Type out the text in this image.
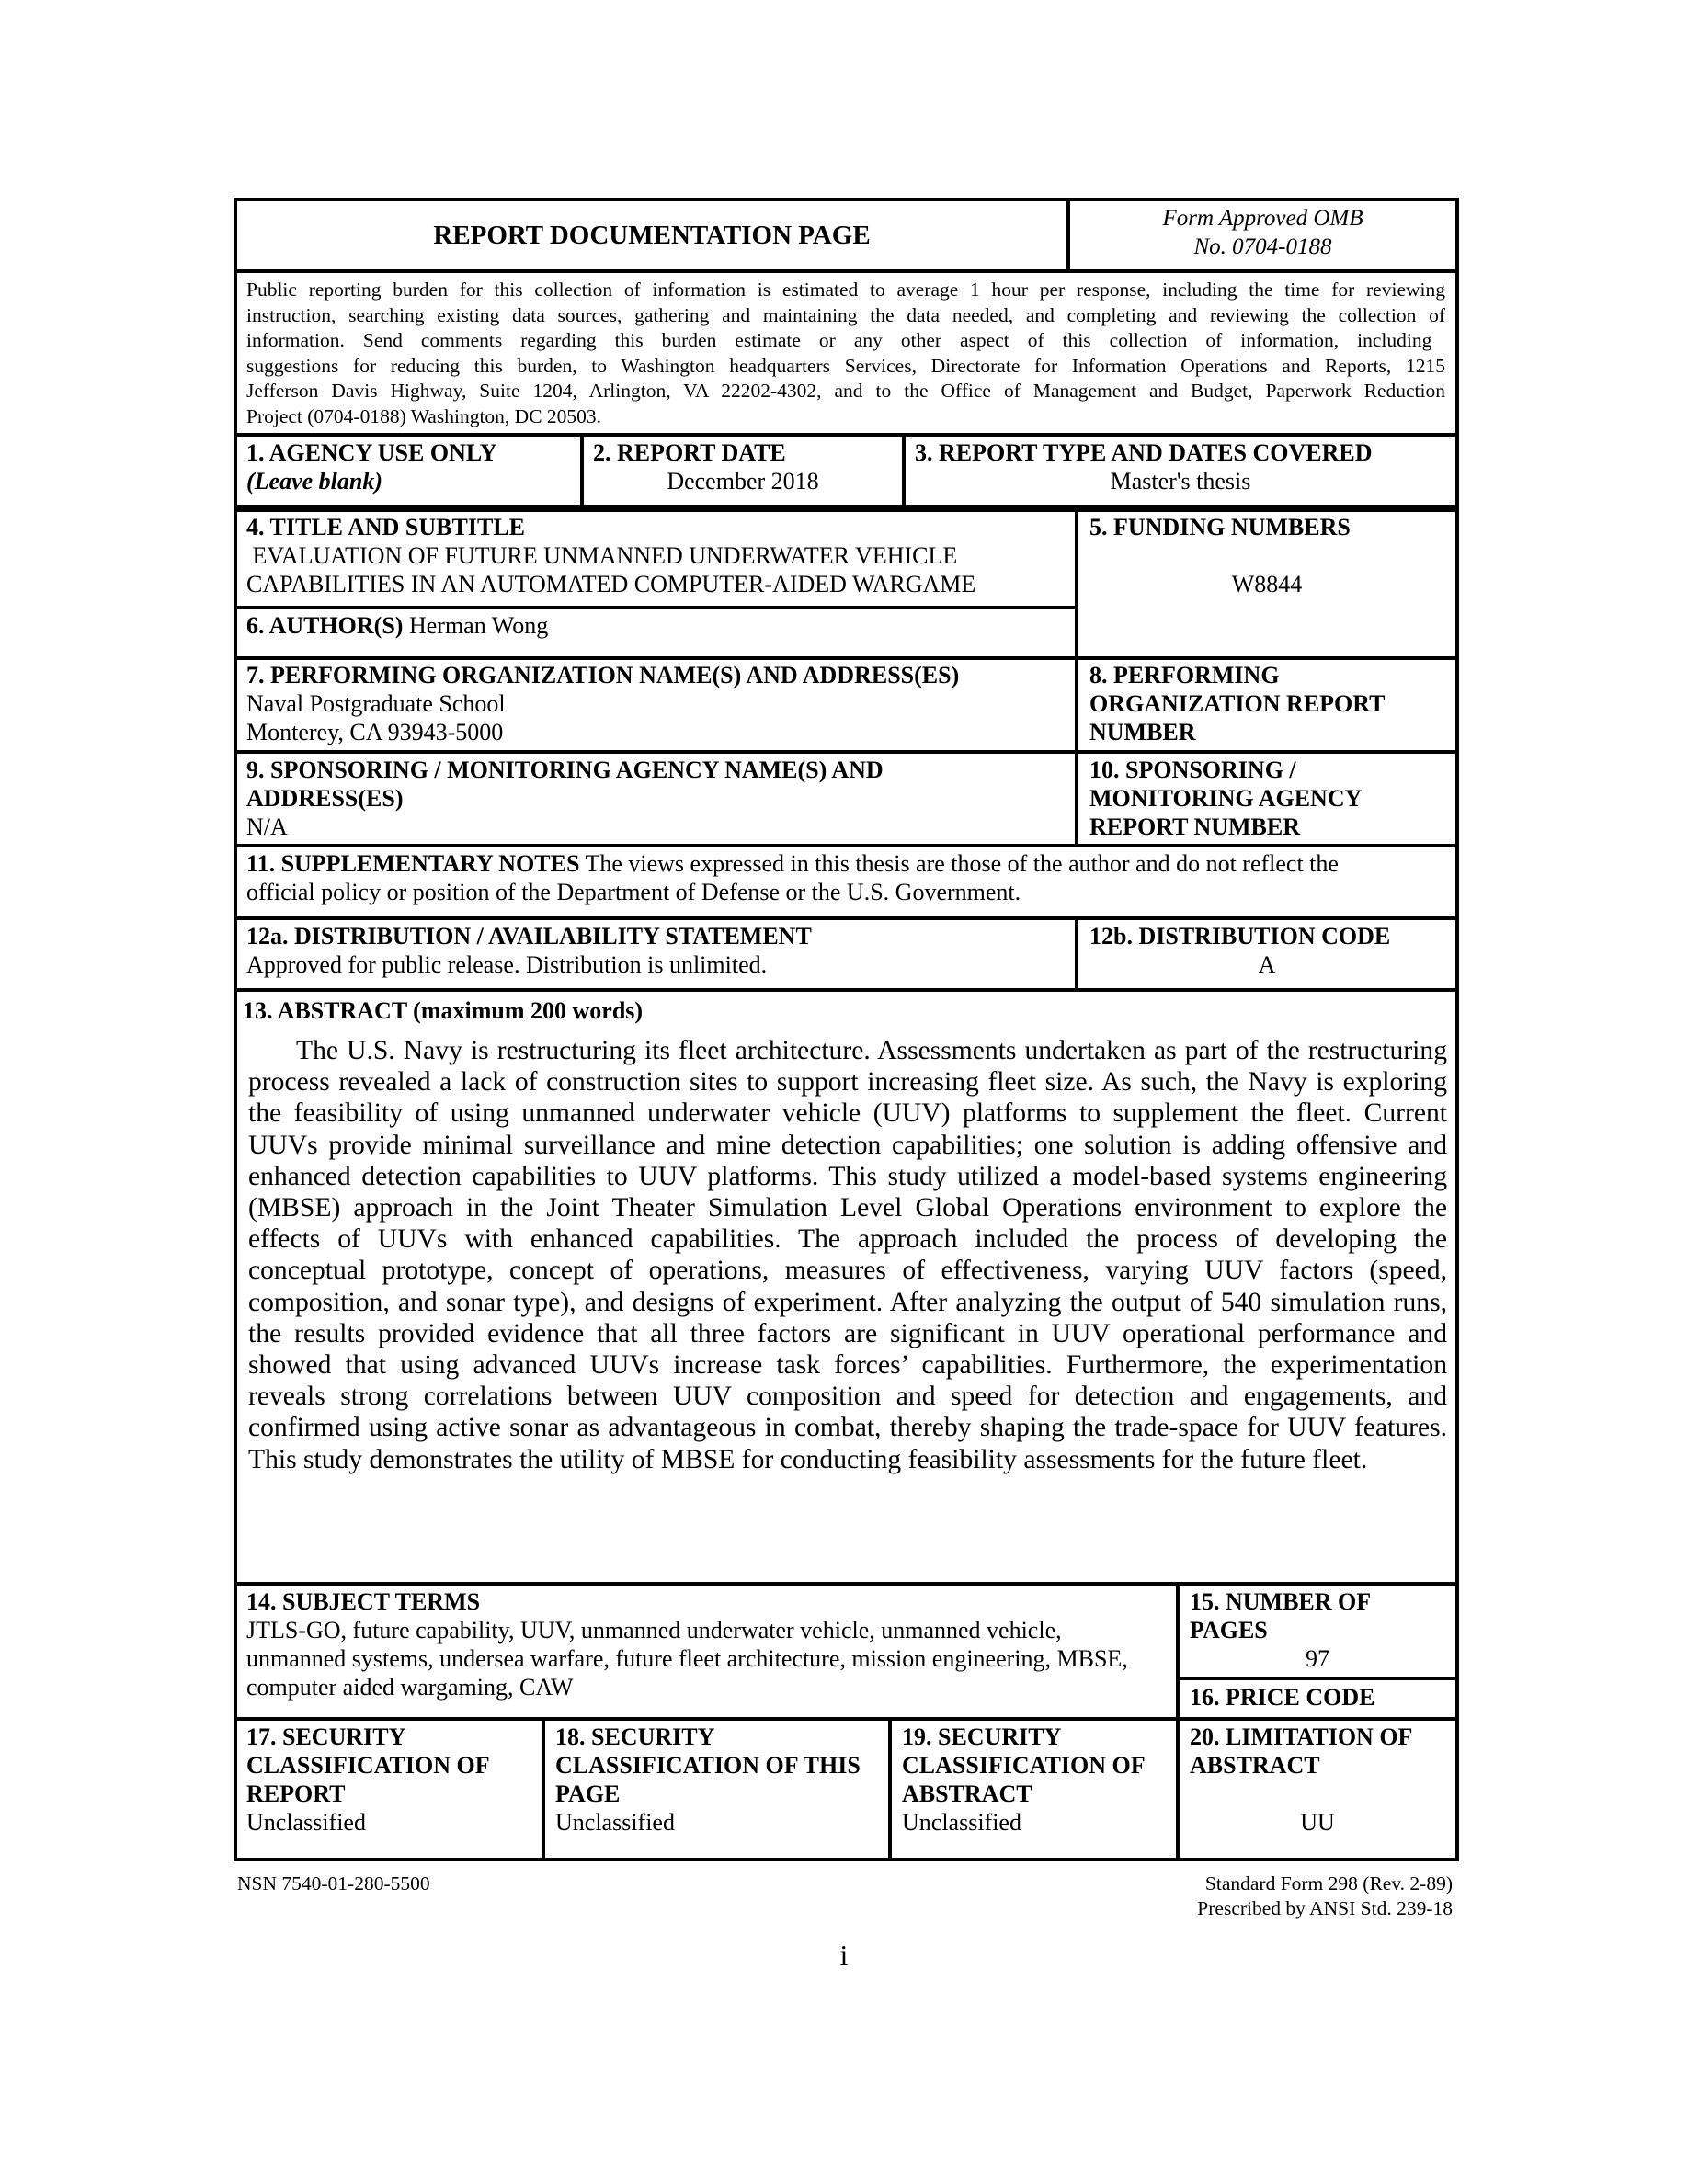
REPORT DOCUMENTATION PAGE
Form Approved OMB
No. 0704-0188
Public reporting burden for this collection of information is estimated to average 1 hour per response, including the time for reviewing
instruction, searching existing data sources, gathering and maintaining the data needed, and completing and reviewing the collection of
information. Send comments regarding this burden estimate or any other aspect of this collection of information, including
suggestions for reducing this burden, to Washington headquarters Services, Directorate for Information Operations and Reports, 1215
Jefferson Davis Highway, Suite 1204, Arlington, VA 22202-4302, and to the Office of Management and Budget, Paperwork Reduction
Project (0704-0188) Washington, DC 20503.
1. AGENCY USE ONLY
(Leave blank)
2. REPORT DATE
December 2018
3. REPORT TYPE AND DATES COVERED
Master's thesis
4. TITLE AND SUBTITLE
EVALUATION OF FUTURE UNMANNED UNDERWATER VEHICLE
CAPABILITIES IN AN AUTOMATED COMPUTER-AIDED WARGAME
5. FUNDING NUMBERS
W8844
6. AUTHOR(S) Herman Wong
7. PERFORMING ORGANIZATION NAME(S) AND ADDRESS(ES)
Naval Postgraduate School
Monterey, CA 93943-5000
8. PERFORMING
ORGANIZATION REPORT
NUMBER
9. SPONSORING / MONITORING AGENCY NAME(S) AND
ADDRESS(ES)
N/A
10. SPONSORING /
MONITORING AGENCY
REPORT NUMBER
11. SUPPLEMENTARY NOTES The views expressed in this thesis are those of the author and do not reflect the
official policy or position of the Department of Defense or the U.S. Government.
12a. DISTRIBUTION / AVAILABILITY STATEMENT
Approved for public release. Distribution is unlimited.
12b. DISTRIBUTION CODE
A
13. ABSTRACT (maximum 200 words)
The U.S. Navy is restructuring its fleet architecture. Assessments undertaken as part of the restructuring
process revealed a lack of construction sites to support increasing fleet size. As such, the Navy is exploring
the feasibility of using unmanned underwater vehicle (UUV) platforms to supplement the fleet. Current
UUVs provide minimal surveillance and mine detection capabilities; one solution is adding offensive and
enhanced detection capabilities to UUV platforms. This study utilized a model-based systems engineering
(MBSE) approach in the Joint Theater Simulation Level Global Operations environment to explore the
effects of UUVs with enhanced capabilities. The approach included the process of developing the
conceptual prototype, concept of operations, measures of effectiveness, varying UUV factors (speed,
composition, and sonar type), and designs of experiment. After analyzing the output of 540 simulation runs,
the results provided evidence that all three factors are significant in UUV operational performance and
showed that using advanced UUVs increase task forces’ capabilities. Furthermore, the experimentation
reveals strong correlations between UUV composition and speed for detection and engagements, and
confirmed using active sonar as advantageous in combat, thereby shaping the trade-space for UUV features.
This study demonstrates the utility of MBSE for conducting feasibility assessments for the future fleet.
14. SUBJECT TERMS
JTLS-GO, future capability, UUV, unmanned underwater vehicle, unmanned vehicle,
unmanned systems, undersea warfare, future fleet architecture, mission engineering, MBSE,
computer aided wargaming, CAW
15. NUMBER OF
PAGES
97
16. PRICE CODE
17. SECURITY
CLASSIFICATION OF
REPORT
Unclassified
18. SECURITY
CLASSIFICATION OF THIS
PAGE
Unclassified
19. SECURITY
CLASSIFICATION OF
ABSTRACT
Unclassified
20. LIMITATION OF
ABSTRACT
UU
NSN 7540-01-280-5500	Standard Form 298 (Rev. 2-89)
Prescribed by ANSI Std. 239-18
i
